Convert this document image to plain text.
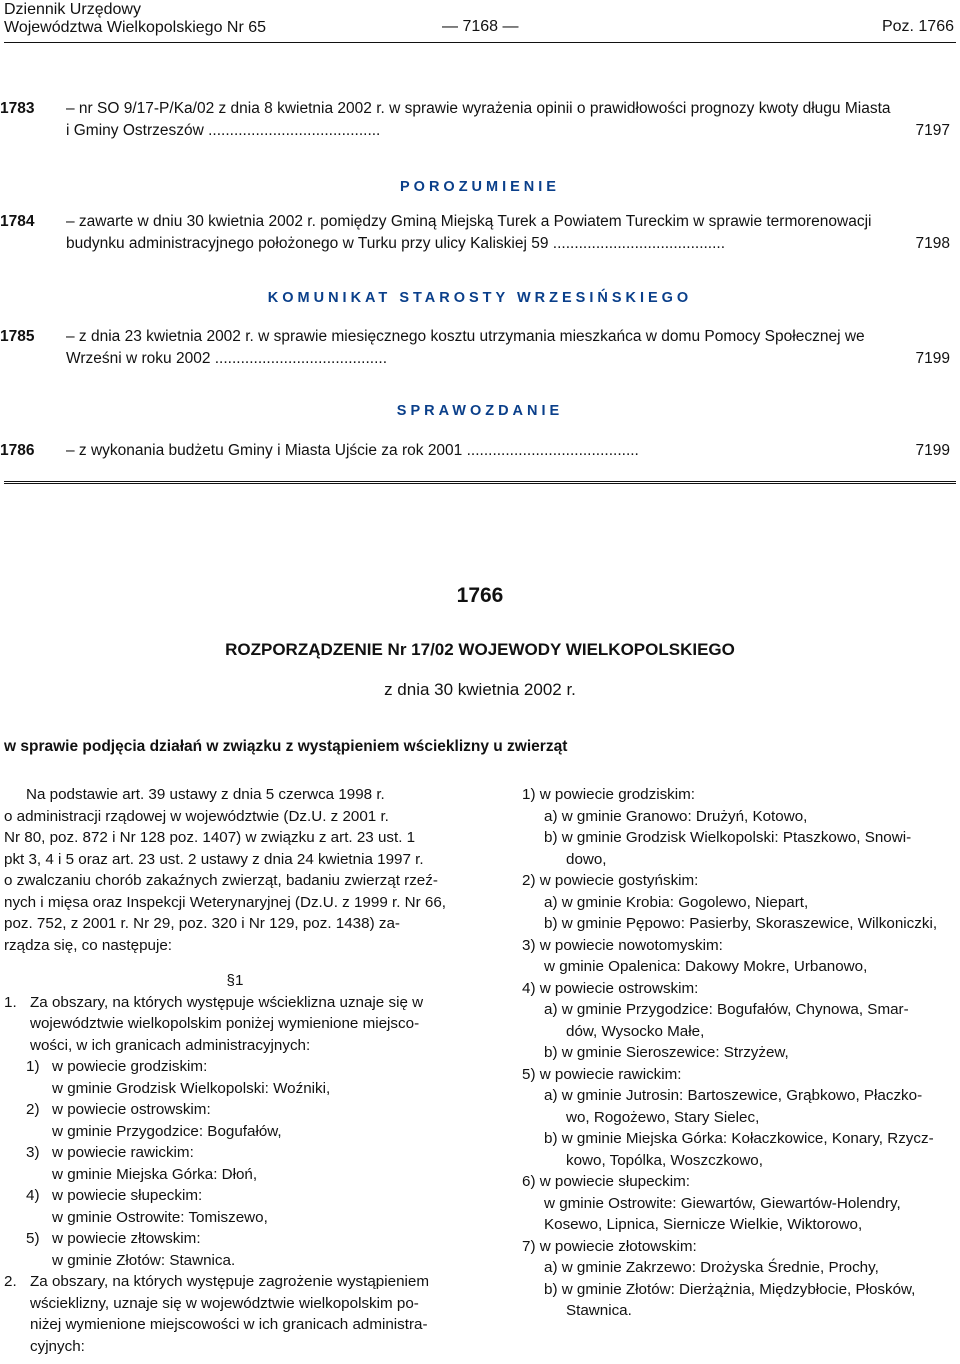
Dziennik Urzędowy
Województwa Wielkopolskiego Nr 65	— 7168 —	Poz. 1766
1783 – nr SO 9/17-P/Ka/02 z dnia 8 kwietnia 2002 r. w sprawie wyrażenia opinii o prawidłowości prognozy kwoty długu Miasta i Gminy Ostrzeszów ........................................	7197
POROZUMIENIE
1784 – zawarte w dniu 30 kwietnia 2002 r. pomiędzy Gminą Miejską Turek a Powiatem Tureckim w sprawie termorenowacji budynku administracyjnego położonego w Turku przy ulicy Kaliskiej 59 ........................................	7198
KOMUNIKAT STAROSTY WRZESIŃSKIEGO
1785 – z dnia 23 kwietnia 2002 r. w sprawie miesięcznego kosztu utrzymania mieszkańca w domu Pomocy Społecznej we Wrześni w roku 2002 ........................................	7199
SPRAWOZDANIE
1786 – z wykonania budżetu Gminy i Miasta Ujście za rok 2001 ........................................	7199
1766
ROZPORZĄDZENIE Nr 17/02 WOJEWODY WIELKOPOLSKIEGO
z dnia 30 kwietnia 2002 r.
w sprawie podjęcia działań w związku z wystąpieniem wścieklizny u zwierząt
Na podstawie art. 39 ustawy z dnia 5 czerwca 1998 r.
o administracji rządowej w województwie (Dz.U. z 2001 r.
Nr 80, poz. 872 i Nr 128 poz. 1407) w związku z art. 23 ust. 1
pkt 3, 4 i 5 oraz art. 23 ust. 2 ustawy z dnia 24 kwietnia 1997 r.
o zwalczaniu chorób zakaźnych zwierząt, badaniu zwierząt rzeź-
nych i mięsa oraz Inspekcji Weterynaryjnej (Dz.U. z 1999 r. Nr 66,
poz. 752, z 2001 r. Nr 29, poz. 320 i Nr 129, poz. 1438) za-
rządza się, co następuje:
§1
1. Za obszary, na których występuje wścieklizna uznaje się w
województwie wielkopolskim poniżej wymienione miejsco-
wości, w ich granicach administracyjnych:
1) w powiecie grodziskim:
w gminie Grodzisk Wielkopolski: Woźniki,
2) w powiecie ostrowskim:
w gminie Przygodzice: Bogufałów,
3) w powiecie rawickim:
w gminie Miejska Górka: Dłoń,
4) w powiecie słupeckim:
w gminie Ostrowite: Tomiszewo,
5) w powiecie złtowskim:
w gminie Złotów: Stawnica.
2. Za obszary, na których występuje zagrożenie wystąpieniem
wścieklizny, uznaje się w województwie wielkopolskim po-
niżej wymienione miejscowości w ich granicach administra-
cyjnych:
1) w powiecie grodziskim:
a) w gminie Granowo: Drużyń, Kotowo,
b) w gminie Grodzisk Wielkopolski: Ptaszkowo, Snowi-
dowo,
2) w powiecie gostyńskim:
a) w gminie Krobia: Gogolewo, Niepart,
b) w gminie Pępowo: Pasierby, Skoraszewice, Wilkoniczki,
3) w powiecie nowotomyskim:
w gminie Opalenica: Dakowy Mokre, Urbanowo,
4) w powiecie ostrowskim:
a) w gminie Przygodzice: Bogufałów, Chynowa, Smar-
dów, Wysocko Małe,
b) w gminie Sieroszewice: Strzyżew,
5) w powiecie rawickim:
a) w gminie Jutrosin: Bartoszewice, Grąbkowo, Płaczko-
wo, Rogożewo, Stary Sielec,
b) w gminie Miejska Górka: Kołaczkowice, Konary, Rzycz-
kowo, Topólka, Woszczkowo,
6) w powiecie słupeckim:
w gminie Ostrowite: Giewartów, Giewartów-Holendry,
Kosewo, Lipnica, Siernicze Wielkie, Wiktorowo,
7) w powiecie złotowskim:
a) w gminie Zakrzewo: Drożyska Średnie, Prochy,
b) w gminie Złotów: Dierżążnia, Międzybłocie, Płosków,
Stawnica.
